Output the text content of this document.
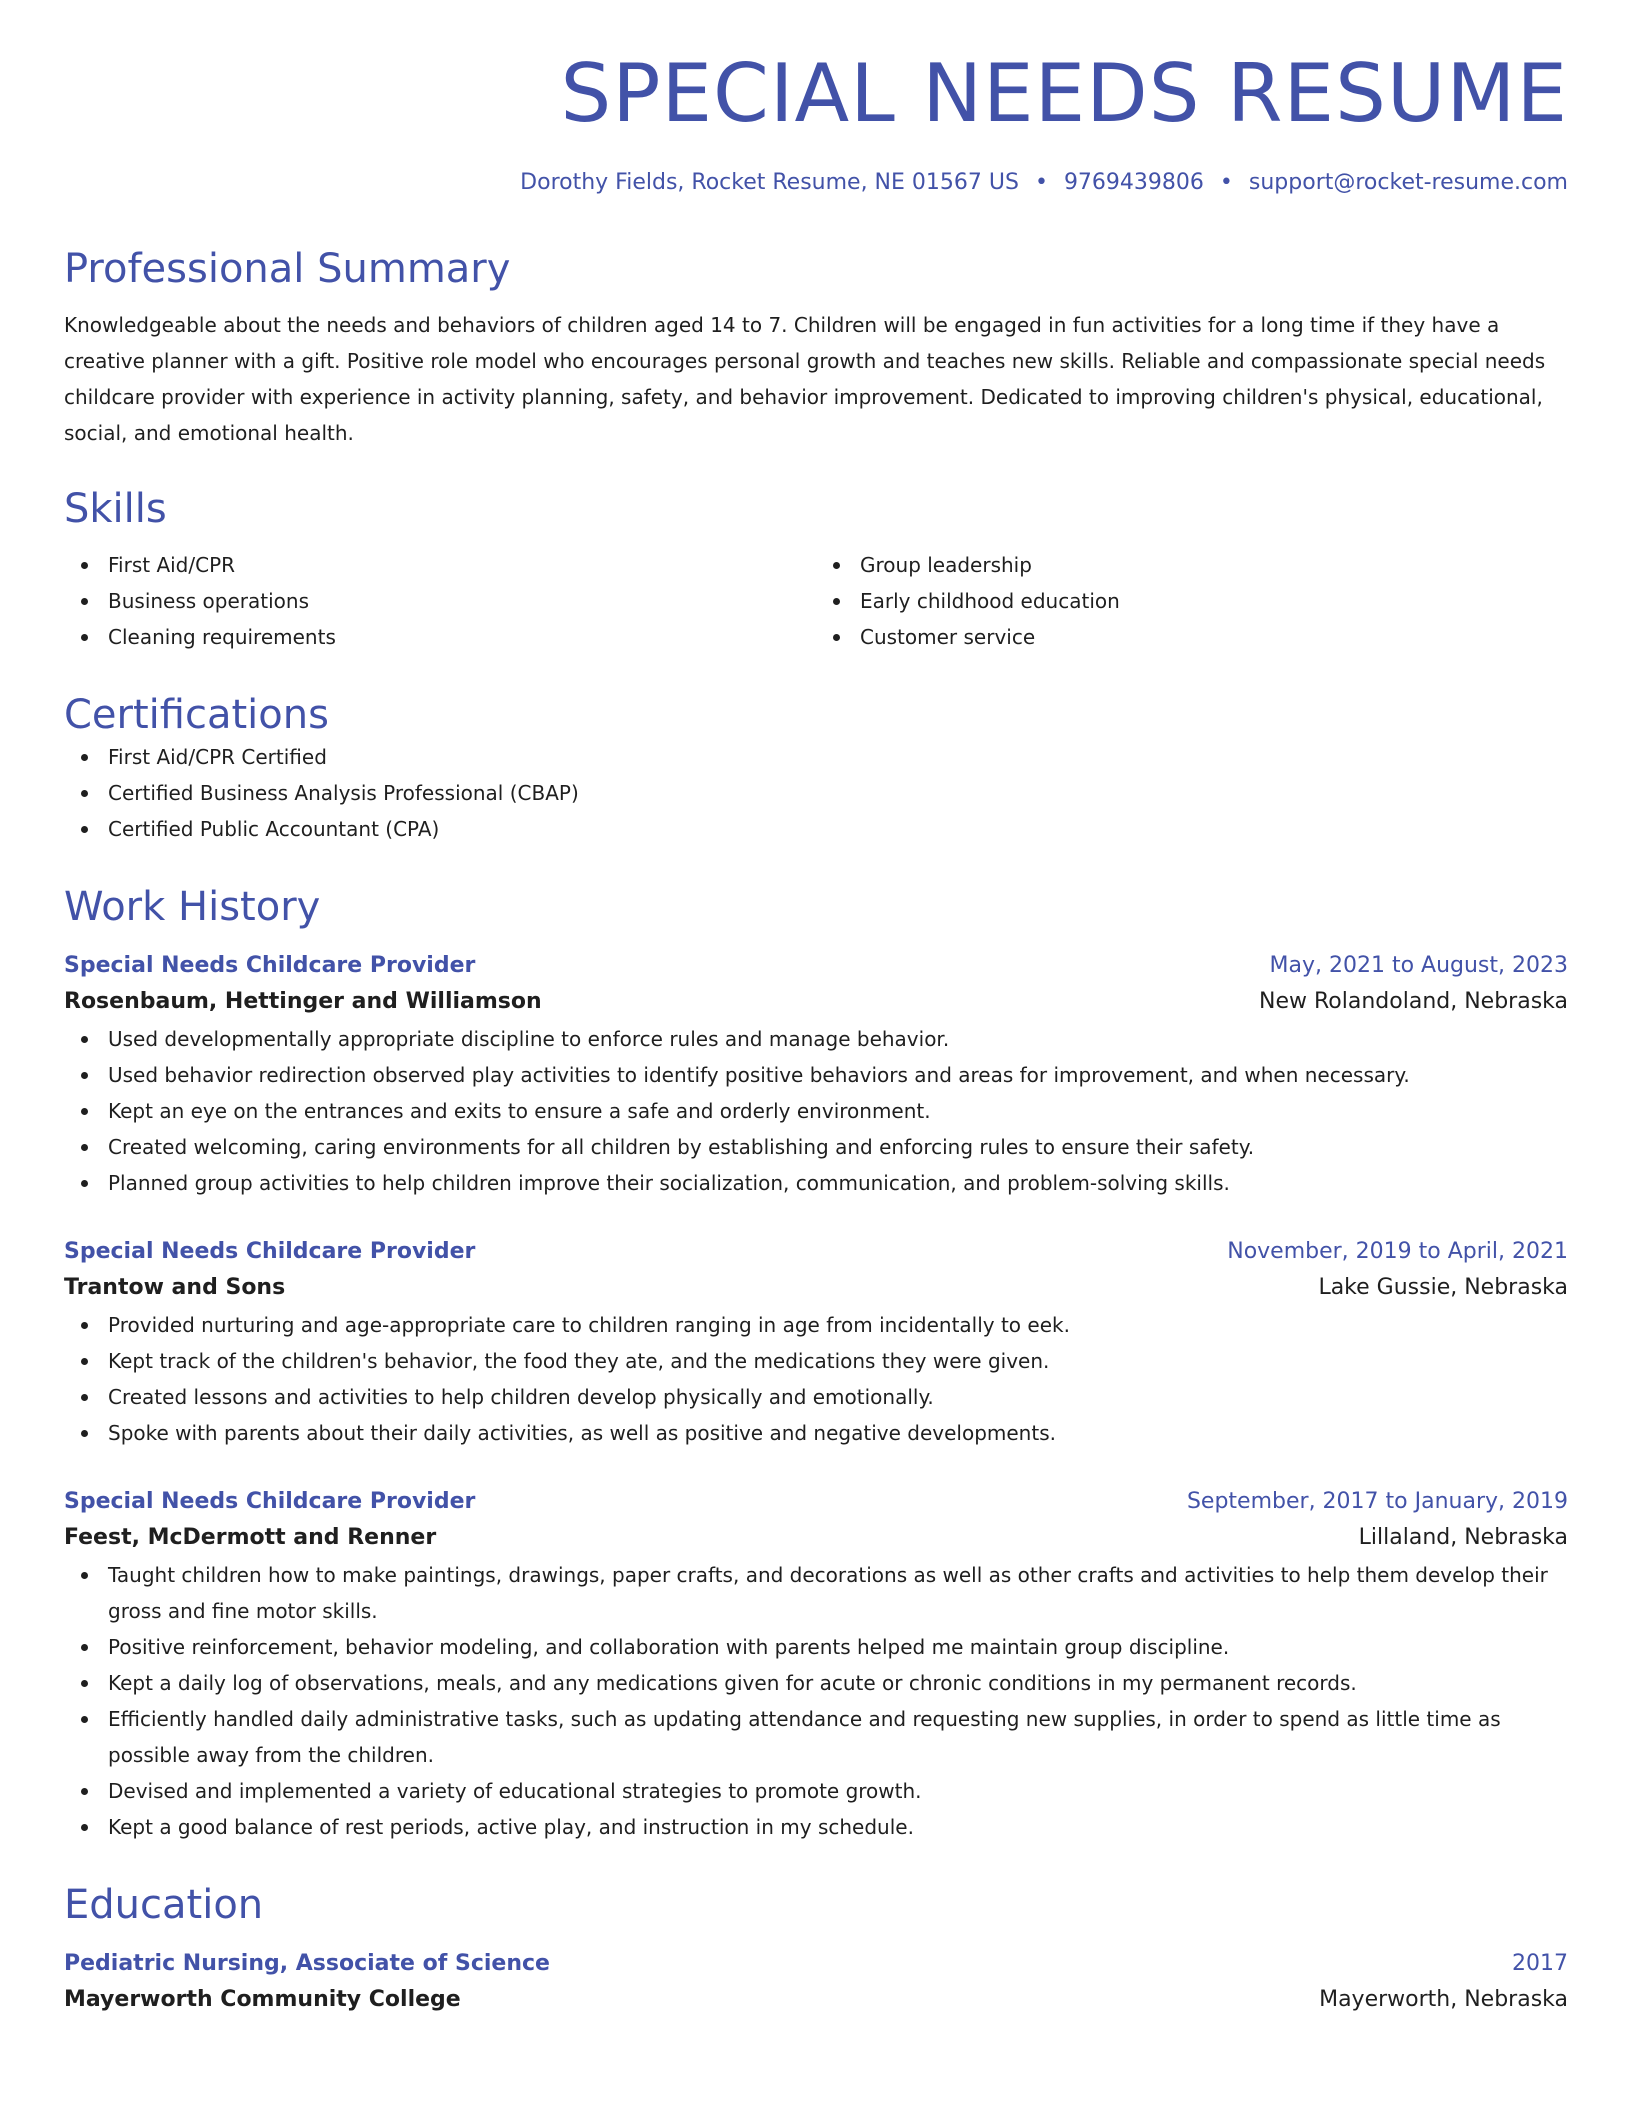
SPECIAL NEEDS RESUME
Dorothy Fields, Rocket Resume, NE 01567 US • 9769439806 • support@rocket-resume.com
Professional Summary

Knowledgeable about the needs and behaviors of children aged 14 to 7. Children will be engaged in fun activities for a long time if they have a creative planner with a gift. Positive role model who encourages personal growth and teaches new skills. Reliable and compassionate special needs childcare provider with experience in activity planning, safety, and behavior improvement. Dedicated to improving children's physical, educational, social, and emotional health.

Skills
First Aid/CPR
Business operations
Cleaning requirements
Group leadership
Early childhood education
Customer service
Certifications
First Aid/CPR Certified
Certified Business Analysis Professional (CBAP)
Certified Public Accountant (CPA)
Work History
Special Needs Childcare Provider	May, 2021 to August, 2023
Rosenbaum, Hettinger and Williamson	New Rolandoland, Nebraska
Used developmentally appropriate discipline to enforce rules and manage behavior.
Used behavior redirection observed play activities to identify positive behaviors and areas for improvement, and when necessary.
Kept an eye on the entrances and exits to ensure a safe and orderly environment.
Created welcoming, caring environments for all children by establishing and enforcing rules to ensure their safety.
Planned group activities to help children improve their socialization, communication, and problem-solving skills.
Special Needs Childcare Provider	November, 2019 to April, 2021
Trantow and Sons	Lake Gussie, Nebraska
Provided nurturing and age-appropriate care to children ranging in age from incidentally to eek.
Kept track of the children's behavior, the food they ate, and the medications they were given.
Created lessons and activities to help children develop physically and emotionally.
Spoke with parents about their daily activities, as well as positive and negative developments.
Special Needs Childcare Provider	September, 2017 to January, 2019
Feest, McDermott and Renner	Lillaland, Nebraska
Taught children how to make paintings, drawings, paper crafts, and decorations as well as other crafts and activities to help them develop their gross and fine motor skills.
Positive reinforcement, behavior modeling, and collaboration with parents helped me maintain group discipline.
Kept a daily log of observations, meals, and any medications given for acute or chronic conditions in my permanent records.
Efficiently handled daily administrative tasks, such as updating attendance and requesting new supplies, in order to spend as little time as possible away from the children.
Devised and implemented a variety of educational strategies to promote growth.
Kept a good balance of rest periods, active play, and instruction in my schedule.
Education
Pediatric Nursing, Associate of Science	2017
Mayerworth Community College	Mayerworth, Nebraska
